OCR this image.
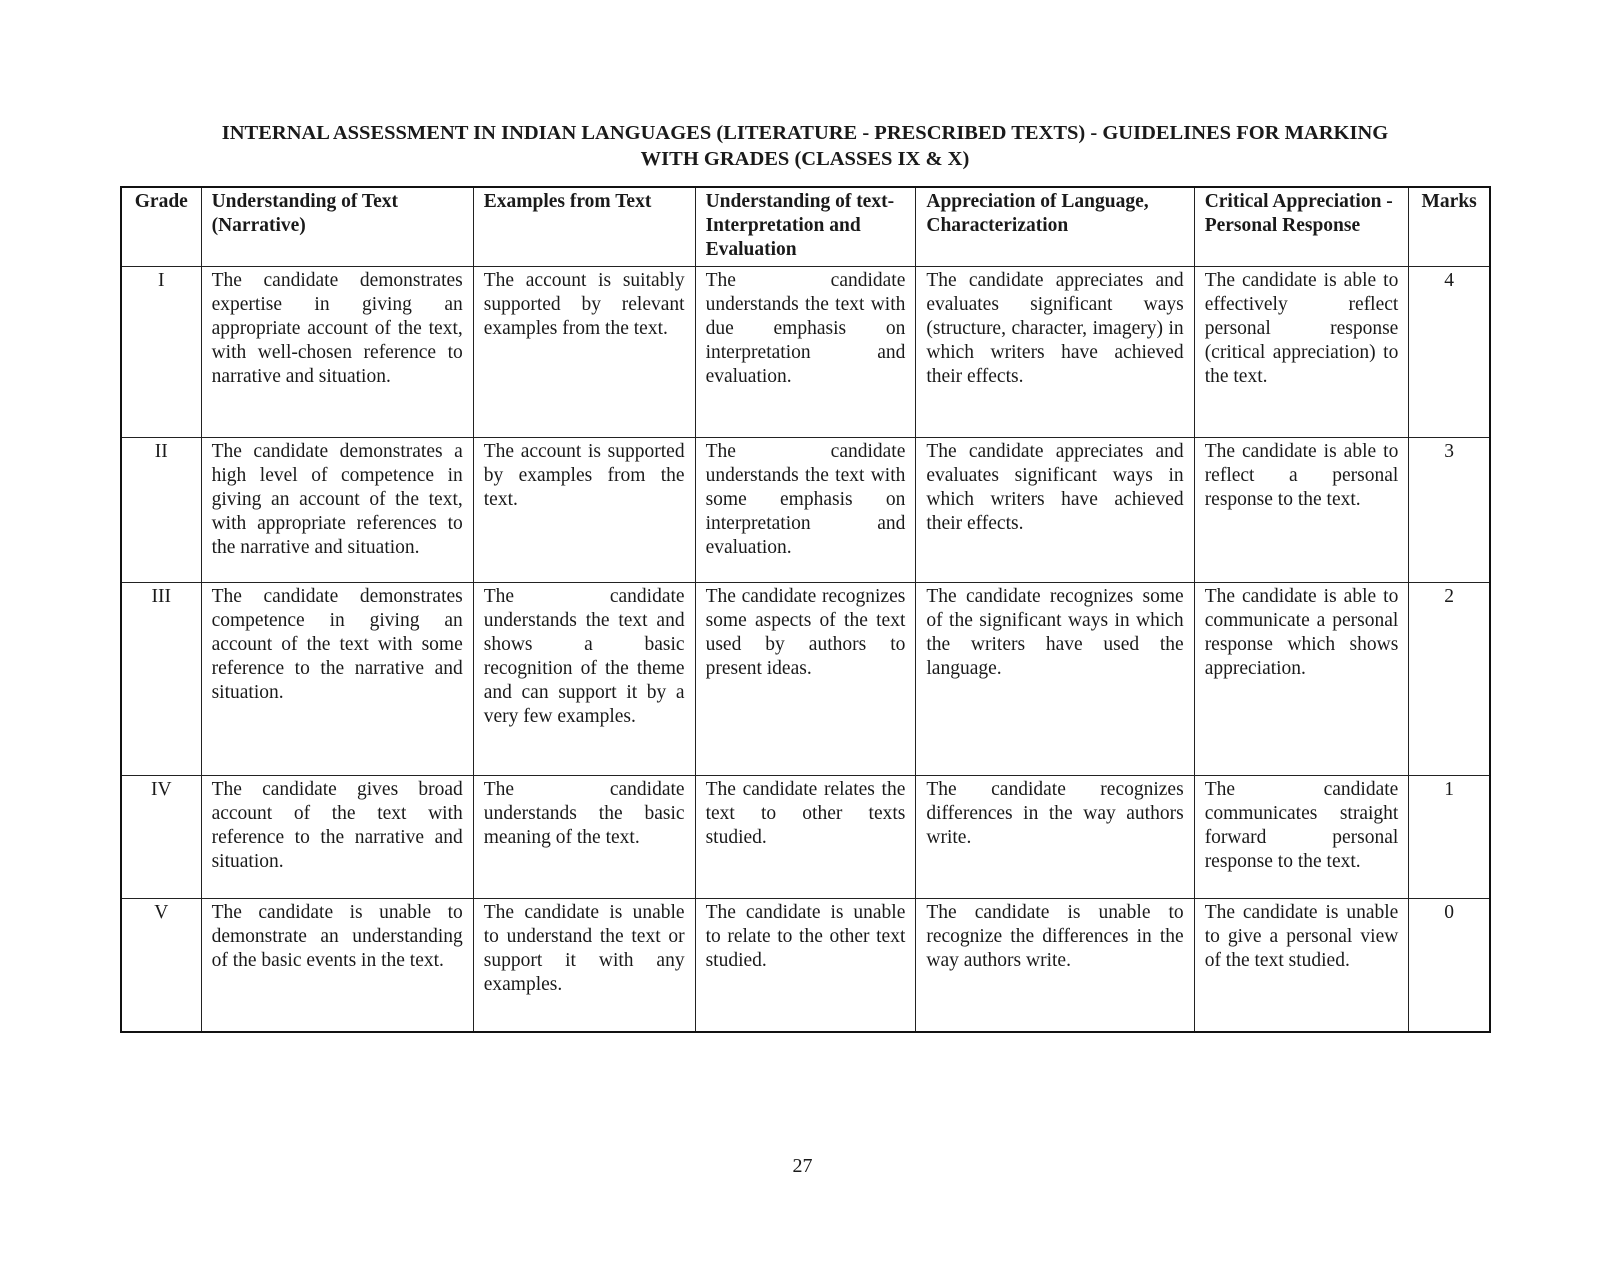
INTERNAL ASSESSMENT IN INDIAN LANGUAGES (LITERATURE - PRESCRIBED TEXTS) - GUIDELINES FOR MARKING
WITH GRADES (CLASSES IX & X)
Grade	Understanding of Text (Narrative)	Examples from Text	Understanding of text- Interpretation and Evaluation	Appreciation of Language, Characterization	Critical Appreciation -Personal Response	Marks
I	The candidate demonstrates expertise in giving an appropriate account of the text, with well-chosen reference to narrative and situation.	The account is suitably supported by relevant examples from the text.	The candidate understands the text with due emphasis on interpretation and evaluation.	The candidate appreciates and evaluates significant ways (structure, character, imagery) in which writers have achieved their effects.	The candidate is able to effectively reflect personal response (critical appreciation) to the text.	4
II	The candidate demonstrates a high level of competence in giving an account of the text, with appropriate references to the narrative and situation.	The account is supported by examples from the text.	The candidate understands the text with some emphasis on interpretation and evaluation.	The candidate appreciates and evaluates significant ways in which writers have achieved their effects.	The candidate is able to reflect a personal response to the text.	3
III	The candidate demonstrates competence in giving an account of the text with some reference to the narrative and situation.	The candidate understands the text and shows a basic recognition of the theme and can support it by a very few examples.	The candidate recognizes some aspects of the text used by authors to present ideas.	The candidate recognizes some of the significant ways in which the writers have used the language.	The candidate is able to communicate a personal response which shows appreciation.	2
IV	The candidate gives broad account of the text with reference to the narrative and situation.	The candidate understands the basic meaning of the text.	The candidate relates the text to other texts studied.	The candidate recognizes differences in the way authors write.	The candidate communicates straight forward personal response to the text.	1
V	The candidate is unable to demonstrate an understanding of the basic events in the text.	The candidate is unable to understand the text or support it with any examples.	The candidate is unable to relate to the other text studied.	The candidate is unable to recognize the differences in the way authors write.	The candidate is unable to give a personal view of the text studied.	0
27
